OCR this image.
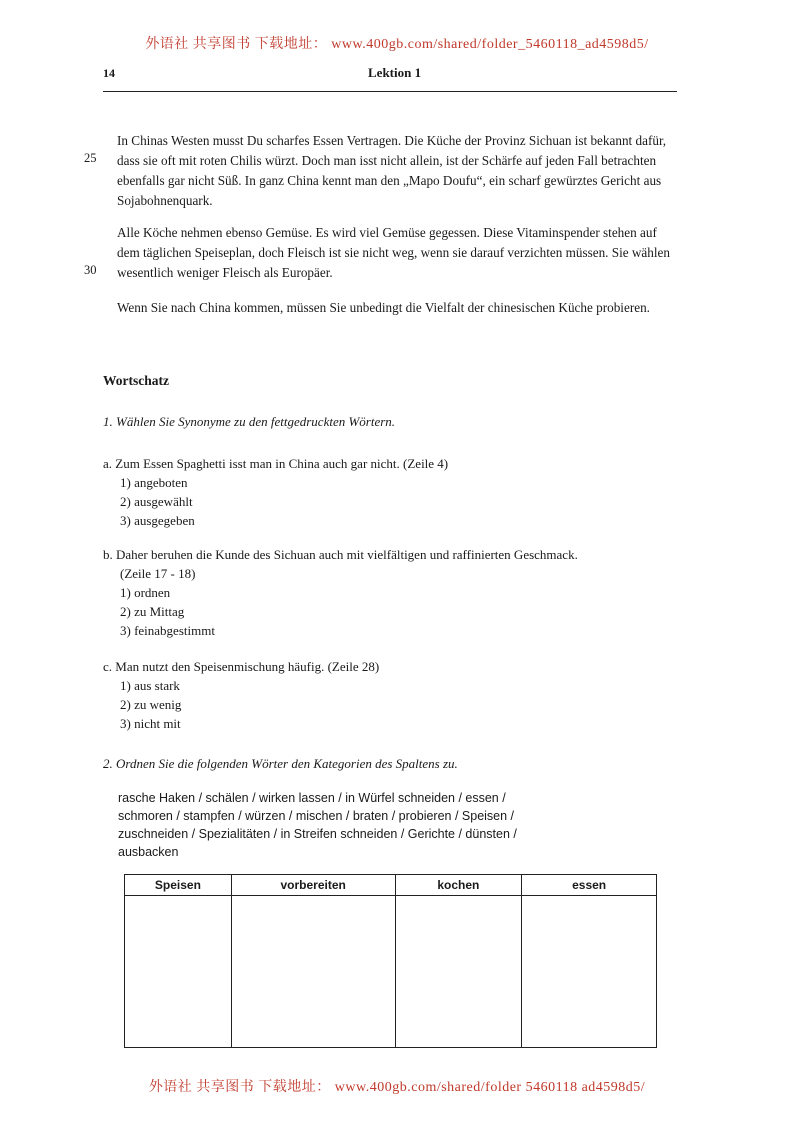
外语社 共享图书 下载地址： www.400gb.com/shared/folder_5460118_ad4598d5/
14	Lektion 1
25
30
In Chinas Westen musst Du scharfes Essen Vertragen. Die Küche der Provinz Sichuan ist bekannt dafür, dass sie oft mit roten Chilis würzt. Doch man isst nicht allein, ist der Schärfe auf jeden Fall betrachten ebenfalls gar nicht Süß. In ganz China kennt man den „Mapo Doufu“, ein scharf gewürztes Gericht aus Sojabohnenquark.
Alle Köche nehmen ebenso Gemüse. Es wird viel Gemüse gegessen. Diese Vitaminspender stehen auf dem täglichen Speiseplan, doch Fleisch ist sie nicht weg, wenn sie darauf verzichten müssen. Sie wählen wesentlich weniger Fleisch als Europäer.
Wenn Sie nach China kommen, müssen Sie unbedingt die Vielfalt der chinesischen Küche probieren.
Wortschatz
1. Wählen Sie Synonyme zu den fettgedruckten Wörtern.
a. Zum Essen Spaghetti isst man in China auch gar nicht. (Zeile 4)
1) angeboten
2) ausgewählt
3) ausgegeben
b. Daher beruhen die Kunde des Sichuan auch mit vielfältigen und raffinierten Geschmack.
(Zeile 17 - 18)
1) ordnen
2) zu Mittag
3) feinabgestimmt
c. Man nutzt den Speisenmischung häufig. (Zeile 28)
1) aus stark
2) zu wenig
3) nicht mit
2. Ordnen Sie die folgenden Wörter den Kategorien des Spaltens zu.
rasche Haken / schälen / wirken lassen / in Würfel schneiden / essen /
schmoren / stampfen / würzen / mischen / braten / probieren / Speisen /
zuschneiden / Spezialitäten / in Streifen schneiden / Gerichte / dünsten /
ausbacken
Speisen	vorbereiten	kochen	essen

外语社 共享图书 下载地址： www.400gb.com/shared/folder 5460118 ad4598d5/
